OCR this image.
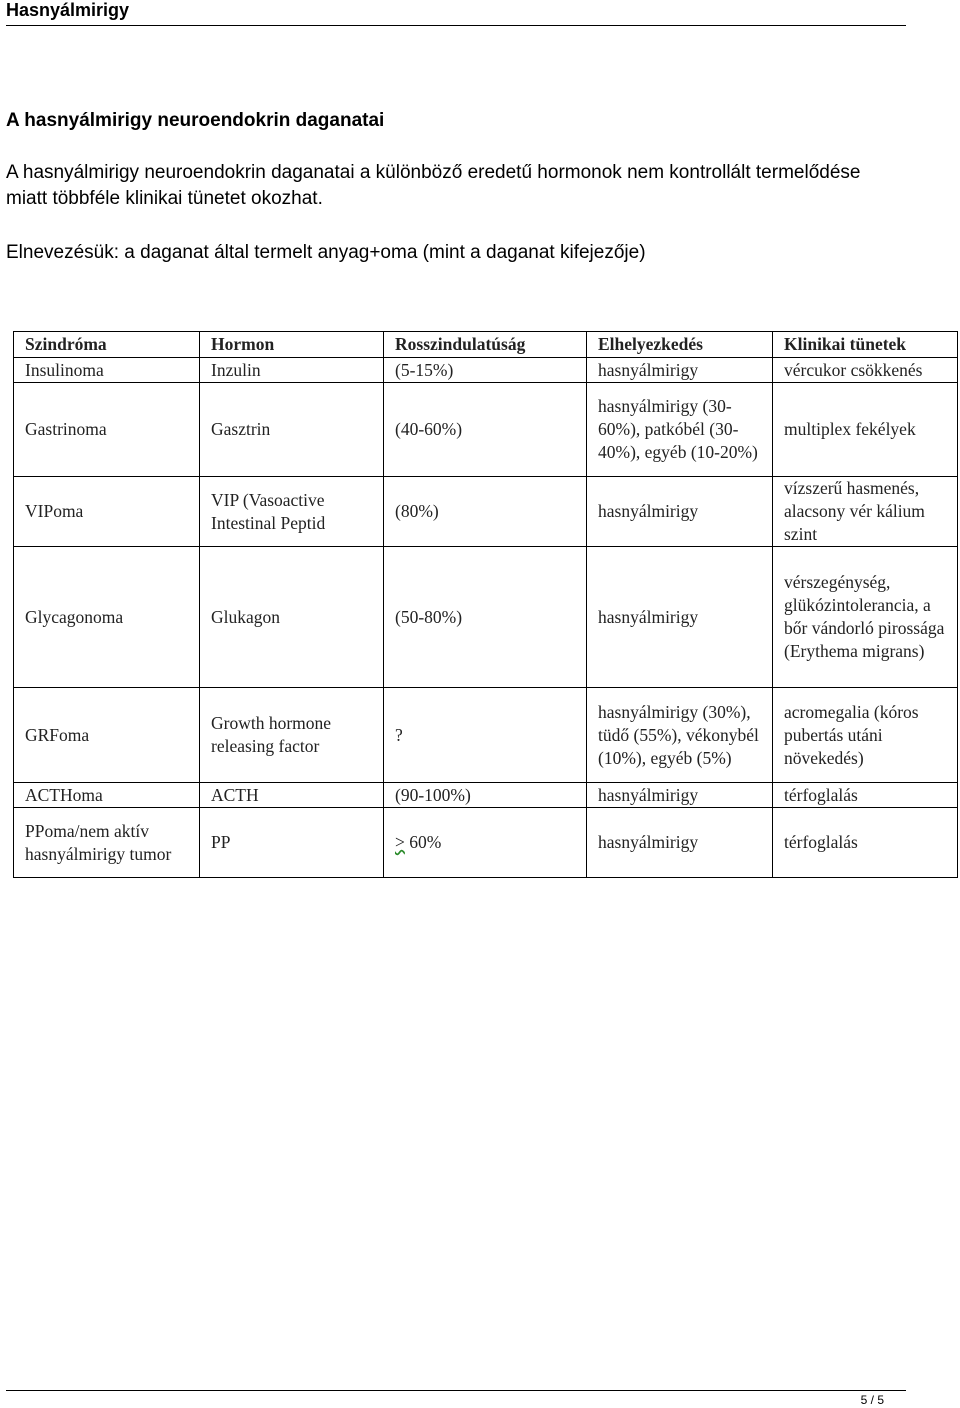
Hasnyálmirigy
A hasnyálmirigy neuroendokrin daganatai
A hasnyálmirigy neuroendokrin daganatai a különböző eredetű hormonok nem kontrollált termelődése miatt többféle klinikai tünetet okozhat.
Elnevezésük: a daganat által termelt anyag+oma (mint a daganat kifejezője)
Szindróma	Hormon	Rosszindulatúság	Elhelyezkedés	Klinikai tünetek
Insulinoma	Inzulin	(5-15%)	hasnyálmirigy	vércukor csökkenés
Gastrinoma	Gasztrin	(40-60%)	hasnyálmirigy (30-60%), patkóbél (30-40%), egyéb (10-20%)	multiplex fekélyek
VIPoma	VIP (Vasoactive Intestinal Peptid	(80%)	hasnyálmirigy	vízszerű hasmenés, alacsony vér kálium szint
Glycagonoma	Glukagon	(50-80%)	hasnyálmirigy	vérszegénység, glükózintolerancia, a bőr vándorló pirossága (Erythema migrans)
GRFoma	Growth hormone releasing factor	?	hasnyálmirigy (30%), tüdő (55%), vékonybél (10%), egyéb (5%)	acromegalia (kóros pubertás utáni növekedés)
ACTHoma	ACTH	(90-100%)	hasnyálmirigy	térfoglalás
PPoma/nem aktív hasnyálmirigy tumor	PP	> 60%	hasnyálmirigy	térfoglalás
5 / 5
